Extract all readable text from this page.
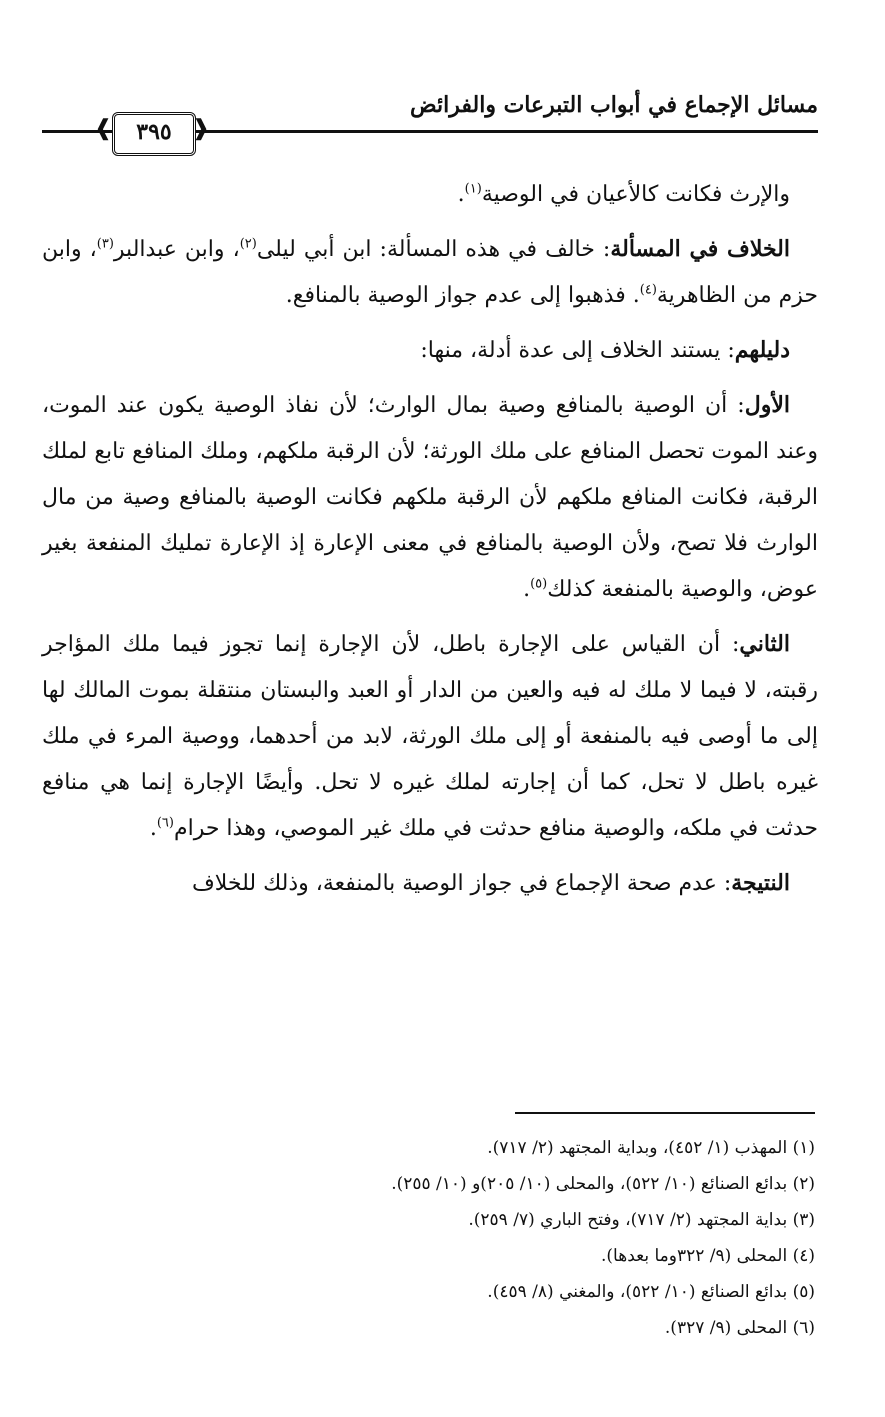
مسائل الإجماع في أبواب التبرعات والفرائض
❰	٣٩٥ ❱

والإرث فكانت كالأعيان في الوصية$^{(١)}$.

الخلاف في المسألة: خالف في هذه المسألة: ابن أبي ليلى$^{(٢)}$، وابن عبدالبر$^{(٣)}$، وابن حزم من الظاهرية$^{(٤)}$. فذهبوا إلى عدم جواز الوصية بالمنافع.

دليلهم: يستند الخلاف إلى عدة أدلة، منها:

الأول: أن الوصية بالمنافع وصية بمال الوارث؛ لأن نفاذ الوصية يكون عند الموت، وعند الموت تحصل المنافع على ملك الورثة؛ لأن الرقبة ملكهم، وملك المنافع تابع لملك الرقبة، فكانت المنافع ملكهم لأن الرقبة ملكهم فكانت الوصية بالمنافع وصية من مال الوارث فلا تصح، ولأن الوصية بالمنافع في معنى الإعارة إذ الإعارة تمليك المنفعة بغير عوض، والوصية بالمنفعة كذلك$^{(٥)}$.

الثاني: أن القياس على الإجارة باطل، لأن الإجارة إنما تجوز فيما ملك المؤاجر رقبته، لا فيما لا ملك له فيه والعين من الدار أو العبد والبستان منتقلة بموت المالك لها إلى ما أوصى فيه بالمنفعة أو إلى ملك الورثة، لابد من أحدهما، ووصية المرء في ملك غيره باطل لا تحل، كما أن إجارته لملك غيره لا تحل. وأيضًا الإجارة إنما هي منافع حدثت في ملكه، والوصية منافع حدثت في ملك غير الموصي، وهذا حرام$^{(٦)}$.

النتيجة: عدم صحة الإجماع في جواز الوصية بالمنفعة، وذلك للخلاف

(١) المهذب (١/ ٤٥٢)، وبداية المجتهد (٢/ ٧١٧).
(٢) بدائع الصنائع (١٠/ ٥٢٢)، والمحلى (١٠/ ٢٠٥)و (١٠/ ٢٥٥).
(٣) بداية المجتهد (٢/ ٧١٧)، وفتح الباري (٧/ ٢٥٩).
(٤) المحلى (٩/ ٣٢٢وما بعدها).
(٥) بدائع الصنائع (١٠/ ٥٢٢)، والمغني (٨/ ٤٥٩).
(٦) المحلى (٩/ ٣٢٧).
